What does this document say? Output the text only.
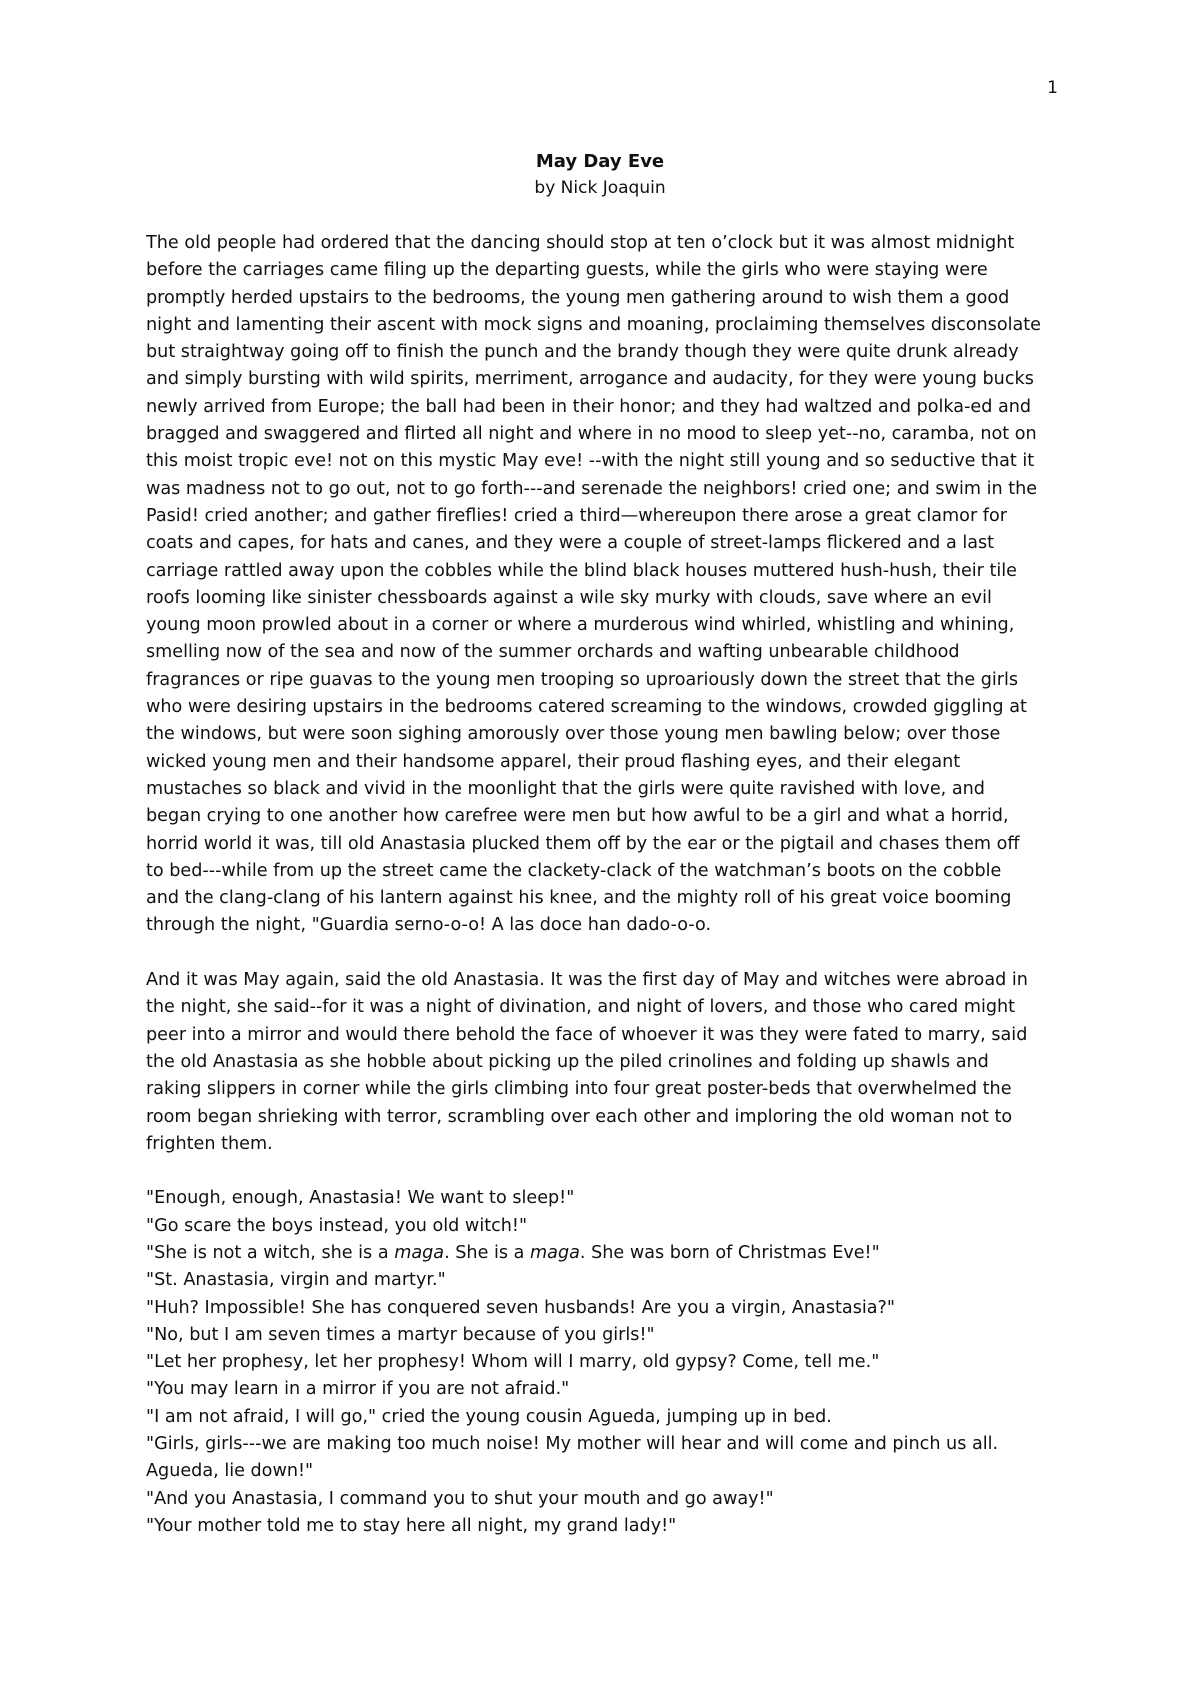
1
May Day Eve
by Nick Joaquin
The old people had ordered that the dancing should stop at ten o’clock but it was almost midnight
before the carriages came filing up the departing guests, while the girls who were staying were
promptly herded upstairs to the bedrooms, the young men gathering around to wish them a good
night and lamenting their ascent with mock signs and moaning, proclaiming themselves disconsolate
but straightway going off to finish the punch and the brandy though they were quite drunk already
and simply bursting with wild spirits, merriment, arrogance and audacity, for they were young bucks
newly arrived from Europe; the ball had been in their honor; and they had waltzed and polka-ed and
bragged and swaggered and flirted all night and where in no mood to sleep yet--no, caramba, not on
this moist tropic eve! not on this mystic May eve! --with the night still young and so seductive that it
was madness not to go out, not to go forth---and serenade the neighbors! cried one; and swim in the
Pasid! cried another; and gather fireflies! cried a third—whereupon there arose a great clamor for
coats and capes, for hats and canes, and they were a couple of street-lamps flickered and a last
carriage rattled away upon the cobbles while the blind black houses muttered hush-hush, their tile
roofs looming like sinister chessboards against a wile sky murky with clouds, save where an evil
young moon prowled about in a corner or where a murderous wind whirled, whistling and whining,
smelling now of the sea and now of the summer orchards and wafting unbearable childhood
fragrances or ripe guavas to the young men trooping so uproariously down the street that the girls
who were desiring upstairs in the bedrooms catered screaming to the windows, crowded giggling at
the windows, but were soon sighing amorously over those young men bawling below; over those
wicked young men and their handsome apparel, their proud flashing eyes, and their elegant
mustaches so black and vivid in the moonlight that the girls were quite ravished with love, and
began crying to one another how carefree were men but how awful to be a girl and what a horrid,
horrid world it was, till old Anastasia plucked them off by the ear or the pigtail and chases them off
to bed---while from up the street came the clackety-clack of the watchman’s boots on the cobble
and the clang-clang of his lantern against his knee, and the mighty roll of his great voice booming
through the night, "Guardia serno-o-o! A las doce han dado-o-o.
And it was May again, said the old Anastasia. It was the first day of May and witches were abroad in
the night, she said--for it was a night of divination, and night of lovers, and those who cared might
peer into a mirror and would there behold the face of whoever it was they were fated to marry, said
the old Anastasia as she hobble about picking up the piled crinolines and folding up shawls and
raking slippers in corner while the girls climbing into four great poster-beds that overwhelmed the
room began shrieking with terror, scrambling over each other and imploring the old woman not to
frighten them.
"Enough, enough, Anastasia! We want to sleep!"
"Go scare the boys instead, you old witch!"
"She is not a witch, she is a maga. She is a maga. She was born of Christmas Eve!"
"St. Anastasia, virgin and martyr."
"Huh? Impossible! She has conquered seven husbands! Are you a virgin, Anastasia?"
"No, but I am seven times a martyr because of you girls!"
"Let her prophesy, let her prophesy! Whom will I marry, old gypsy? Come, tell me."
"You may learn in a mirror if you are not afraid."
"I am not afraid, I will go," cried the young cousin Agueda, jumping up in bed.
"Girls, girls---we are making too much noise! My mother will hear and will come and pinch us all.
Agueda, lie down!"
"And you Anastasia, I command you to shut your mouth and go away!"
"Your mother told me to stay here all night, my grand lady!"
